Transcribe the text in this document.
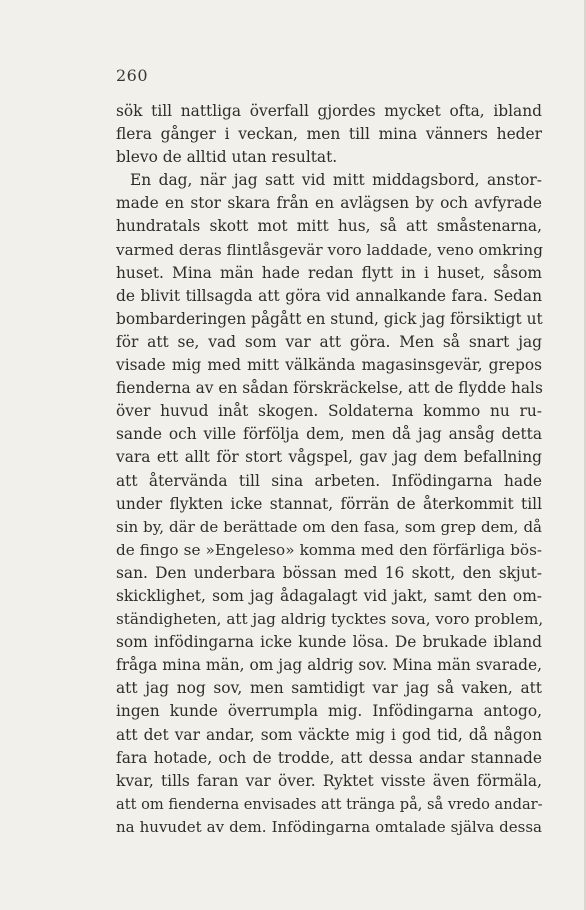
260
sök till nattliga överfall gjordes mycket ofta, ibland
flera gånger i veckan, men till mina vänners heder
blevo de alltid utan resultat.
En dag, när jag satt vid mitt middagsbord, anstor-
made en stor skara från en avlägsen by och avfyrade
hundratals skott mot mitt hus, så att småstenarna,
varmed deras flintlåsgevär voro laddade, veno omkring
huset. Mina män hade redan flytt in i huset, såsom
de blivit tillsagda att göra vid annalkande fara. Sedan
bombarderingen pågått en stund, gick jag försiktigt ut
för att se, vad som var att göra. Men så snart jag
visade mig med mitt välkända magasinsgevär, grepos
fienderna av en sådan förskräckelse, att de flydde hals
över huvud inåt skogen. Soldaterna kommo nu ru-
sande och ville förfölja dem, men då jag ansåg detta
vara ett allt för stort vågspel, gav jag dem befallning
att återvända till sina arbeten. Infödingarna hade
under flykten icke stannat, förrän de återkommit till
sin by, där de berättade om den fasa, som grep dem, då
de fingo se »Engeleso» komma med den förfärliga bös-
san. Den underbara bössan med 16 skott, den skjut-
skicklighet, som jag ådagalagt vid jakt, samt den om-
ständigheten, att jag aldrig tycktes sova, voro problem,
som infödingarna icke kunde lösa. De brukade ibland
fråga mina män, om jag aldrig sov. Mina män svarade,
att jag nog sov, men samtidigt var jag så vaken, att
ingen kunde överrumpla mig. Infödingarna antogo,
att det var andar, som väckte mig i god tid, då någon
fara hotade, och de trodde, att dessa andar stannade
kvar, tills faran var över. Ryktet visste även förmäla,
att om fienderna envisades att tränga på, så vredo andar-
na huvudet av dem. Infödingarna omtalade själva dessa
